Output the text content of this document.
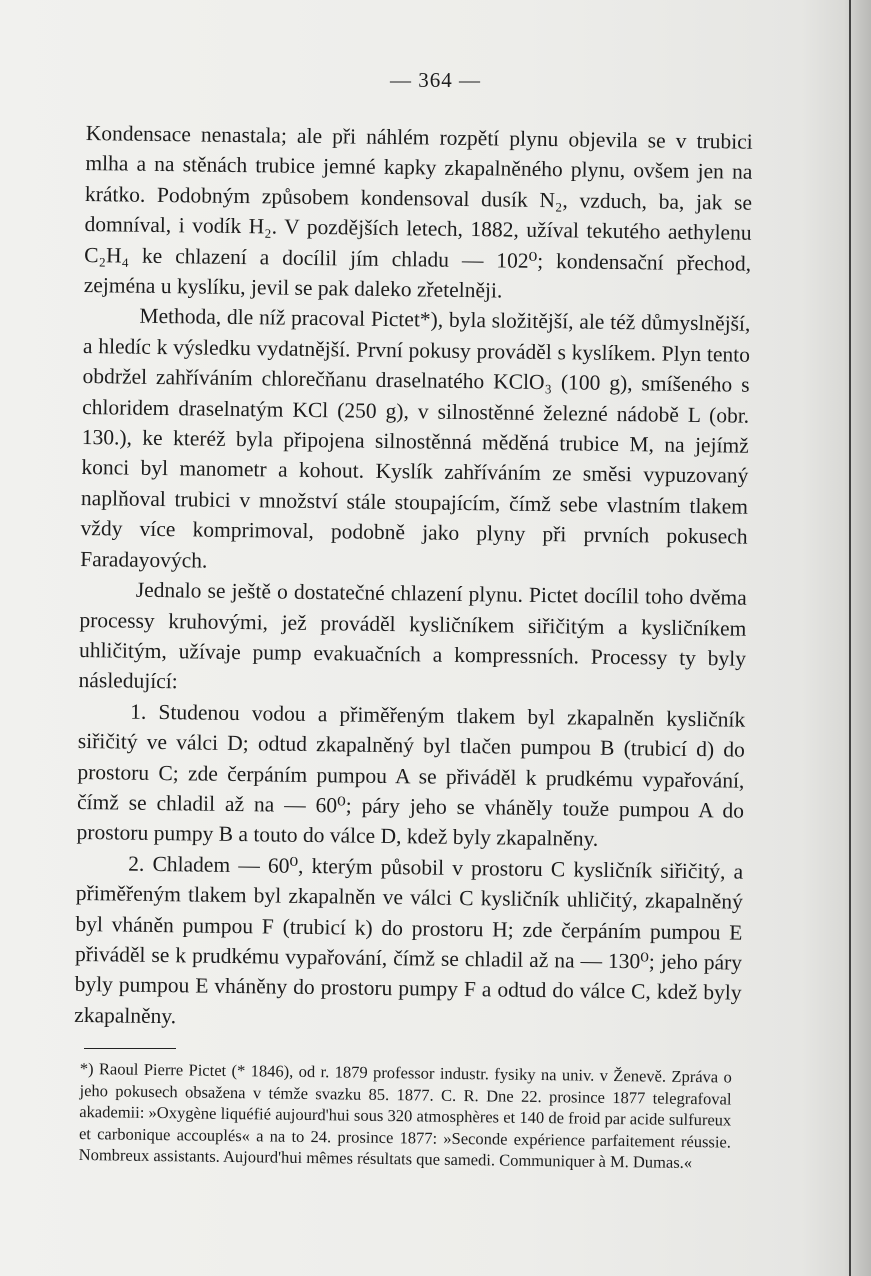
— 364 —

Kondensace nenastala; ale při náhlém rozpětí plynu objevila se v trubici mlha a na stěnách trubice jemné kapky zkapalněného plynu, ovšem jen na krátko. Podobným způsobem kondensoval dusík N₂, vzduch, ba, jak se domníval, i vodík H₂. V pozdějších letech, 1882, užíval tekutého aethylenu C₂H₄ ke chlazení a docílil jím chladu — 102⁰; kondensační přechod, zejména u kyslíku, jevil se pak daleko zřetelněji.

Methoda, dle níž pracoval Pictet*), byla složitější, ale též důmyslnější, a hledíc k výsledku vydatnější. První pokusy prováděl s kyslíkem. Plyn tento obdržel zahříváním chlorečňanu draselnatého KClO₃ (100 g), smíšeného s chloridem draselnatým KCl (250 g), v silnostěnné železné nádobě L (obr. 130.), ke kteréž byla připojena silnostěnná měděná trubice M, na jejímž konci byl manometr a kohout. Kyslík zahříváním ze směsi vypuzovaný naplňoval trubici v množství stále stoupajícím, čímž sebe vlastním tlakem vždy více komprimoval, podobně jako plyny při prvních pokusech Faradayových.

Jednalo se ještě o dostatečné chlazení plynu. Pictet docílil toho dvěma processy kruhovými, jež prováděl kysličníkem siřičitým a kysličníkem uhličitým, užívaje pump evakuačních a kompressních. Processy ty byly následující:

1. Studenou vodou a přiměřeným tlakem byl zkapalněn kysličník siřičitý ve válci D; odtud zkapalněný byl tlačen pumpou B (trubicí d) do prostoru C; zde čerpáním pumpou A se přiváděl k prudkému vypařování, čímž se chladil až na — 60⁰; páry jeho se vháněly touže pumpou A do prostoru pumpy B a touto do válce D, kdež byly zkapalněny.

2. Chladem — 60⁰, kterým působil v prostoru C kysličník siřičitý, a přiměřeným tlakem byl zkapalněn ve válci C kysličník uhličitý, zkapalněný byl vháněn pumpou F (trubicí k) do prostoru H; zde čerpáním pumpou E přiváděl se k prudkému vypařování, čímž se chladil až na — 130⁰; jeho páry byly pumpou E vháněny do prostoru pumpy F a odtud do válce C, kdež byly zkapalněny.

*) Raoul Pierre Pictet (* 1846), od r. 1879 professor industr. fysiky na univ. v Ženevě. Zpráva o jeho pokusech obsažena v témže svazku 85. 1877. C. R. Dne 22. prosince 1877 telegrafoval akademii: »Oxygène liquéfié aujourd'hui sous 320 atmosphères et 140 de froid par acide sulfureux et carbonique accouplés« a na to 24. prosince 1877: »Seconde expérience parfaitement réussie. Nombreux assistants. Aujourd'hui mêmes résultats que samedi. Communiquer à M. Dumas.«
